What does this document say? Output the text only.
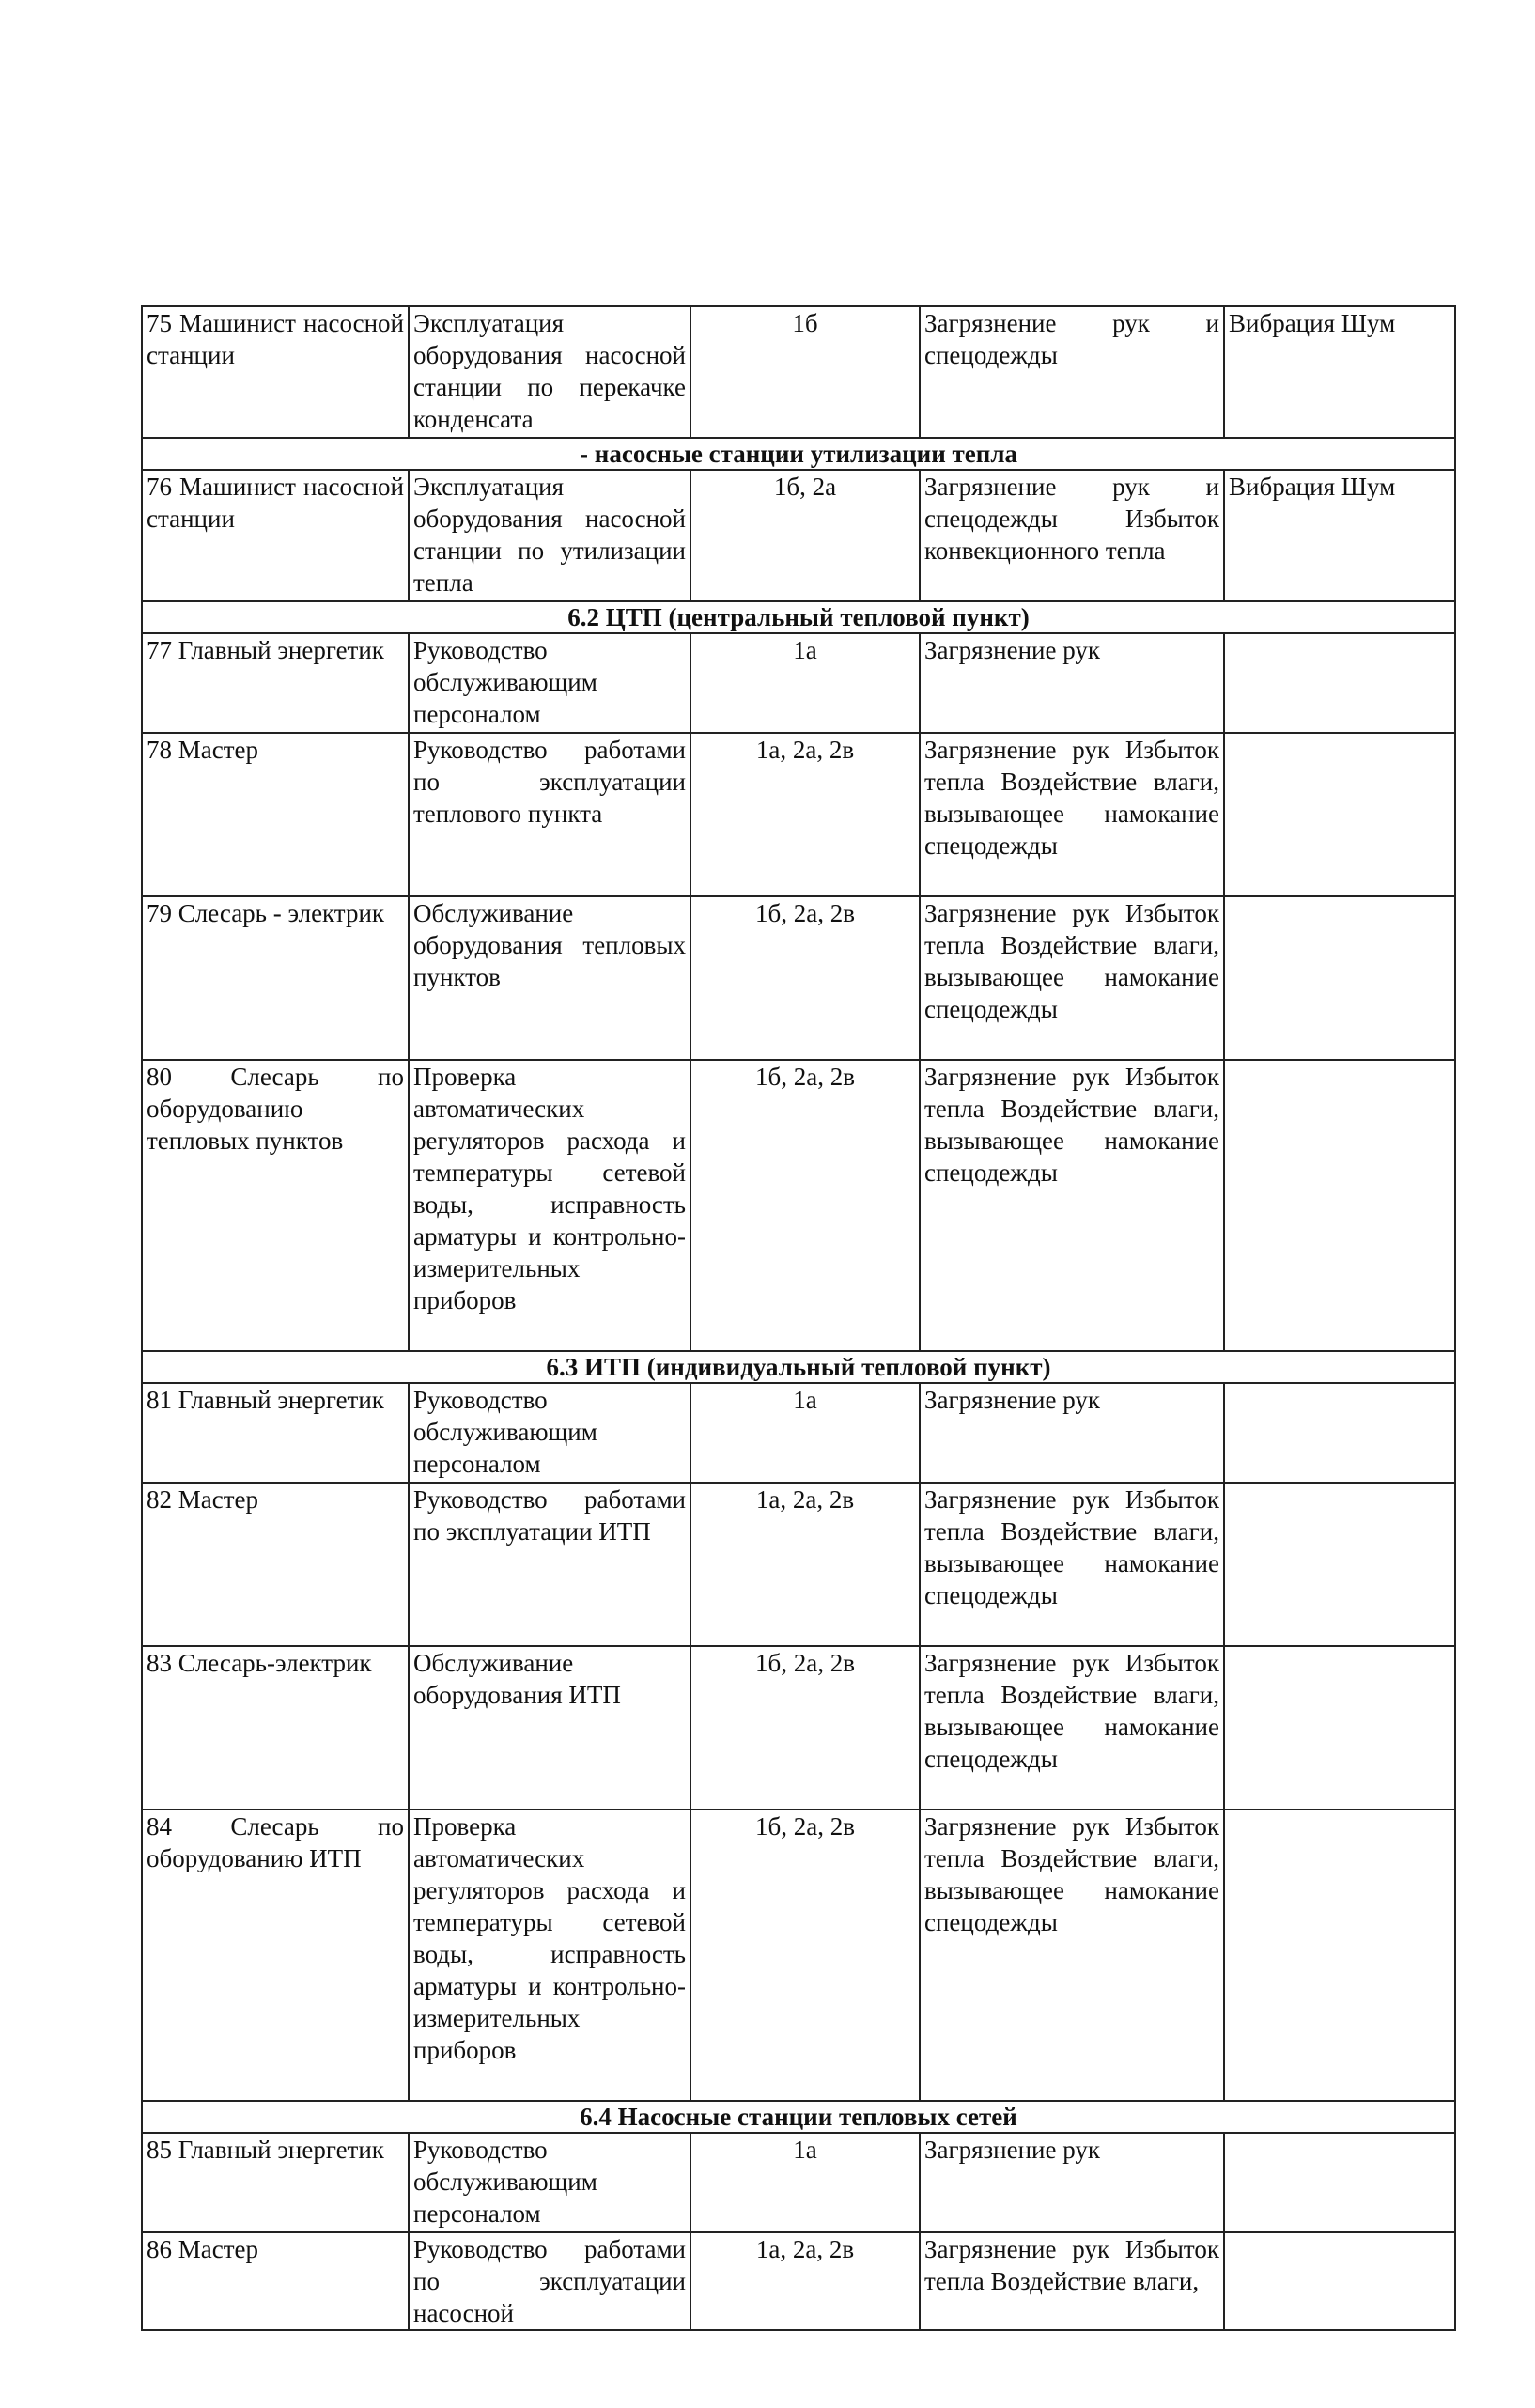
75 Машинист насосной станции	Эксплуатация оборудования насосной станции по перекачке конденсата	1б	Загрязнение рук и спецодежды	Вибрация Шум
- насосные станции утилизации тепла				
76 Машинист насосной станции	Эксплуатация оборудования насосной станции по утилизации тепла	1б, 2а	Загрязнение рук и спецодежды Избыток конвекционного тепла	Вибрация Шум
6.2 ЦТП (центральный тепловой пункт)				
77 Главный энергетик	Руководство обслуживающим персоналом	1а	Загрязнение рук	
78 Мастер	Руководство работами по эксплуатации теплового пункта	1а, 2а, 2в	Загрязнение рук Избыток тепла Воздействие влаги, вызывающее намокание спецодежды	
79 Слесарь - электрик	Обслуживание оборудования тепловых пунктов	1б, 2а, 2в	Загрязнение рук Избыток тепла Воздействие влаги, вызывающее намокание спецодежды	
80 Слесарь по оборудованию тепловых пунктов	Проверка автоматических регуляторов расхода и температуры сетевой воды, исправность арматуры и контрольно-измерительных приборов	1б, 2а, 2в	Загрязнение рук Избыток тепла Воздействие влаги, вызывающее намокание спецодежды	
6.3 ИТП (индивидуальный тепловой пункт)				
81 Главный энергетик	Руководство обслуживающим персоналом	1а	Загрязнение рук	
82 Мастер	Руководство работами по эксплуатации ИТП	1а, 2а, 2в	Загрязнение рук Избыток тепла Воздействие влаги, вызывающее намокание спецодежды	
83 Слесарь-электрик	Обслуживание оборудования ИТП	1б, 2а, 2в	Загрязнение рук Избыток тепла Воздействие влаги, вызывающее намокание спецодежды	
84 Слесарь по оборудованию ИТП	Проверка автоматических регуляторов расхода и температуры сетевой воды, исправность арматуры и контрольно-измерительных приборов	1б, 2а, 2в	Загрязнение рук Избыток тепла Воздействие влаги, вызывающее намокание спецодежды	
6.4 Насосные станции тепловых сетей				
85 Главный энергетик	Руководство обслуживающим персоналом	1а	Загрязнение рук	
86 Мастер	Руководство работами по эксплуатации насосной	1а, 2а, 2в	Загрязнение рук Избыток тепла Воздействие влаги,	
